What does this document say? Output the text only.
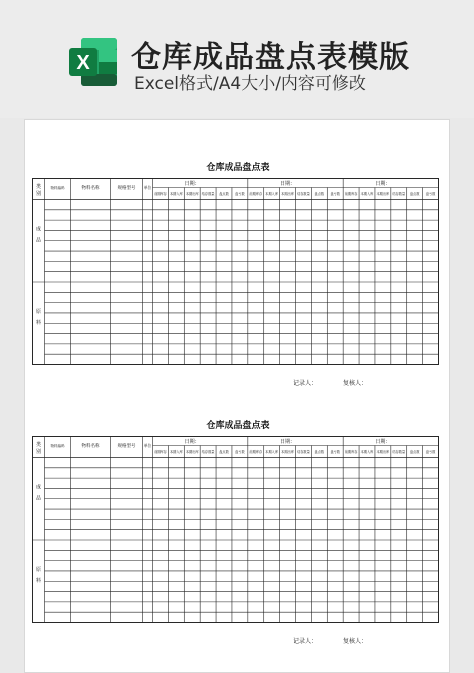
X 仓库成品盘点表模版
Excel格式/A4大小/内容可修改
仓库成品盘点表
类
别
物料编码	物料名称	规格型号 单位
日期：
前期库存 本期入库 本期出库 结存数量 盘点数 盘亏数
日期：
前期库存 本期入库 本期出库 结存数量 盘点数 盘亏数
日期：
前期库存 本期入库 本期出库 结存数量 盘点数 盘亏数
成
品
原
料
记录人：	复核人：
仓库成品盘点表
类
别
物料编码	物料名称	规格型号 单位
日期：
前期库存 本期入库 本期出库 结存数量 盘点数 盘亏数
日期：
前期库存 本期入库 本期出库 结存数量 盘点数 盘亏数
日期：
前期库存 本期入库 本期出库 结存数量 盘点数 盘亏数
成
品
原
料
记录人：	复核人：
